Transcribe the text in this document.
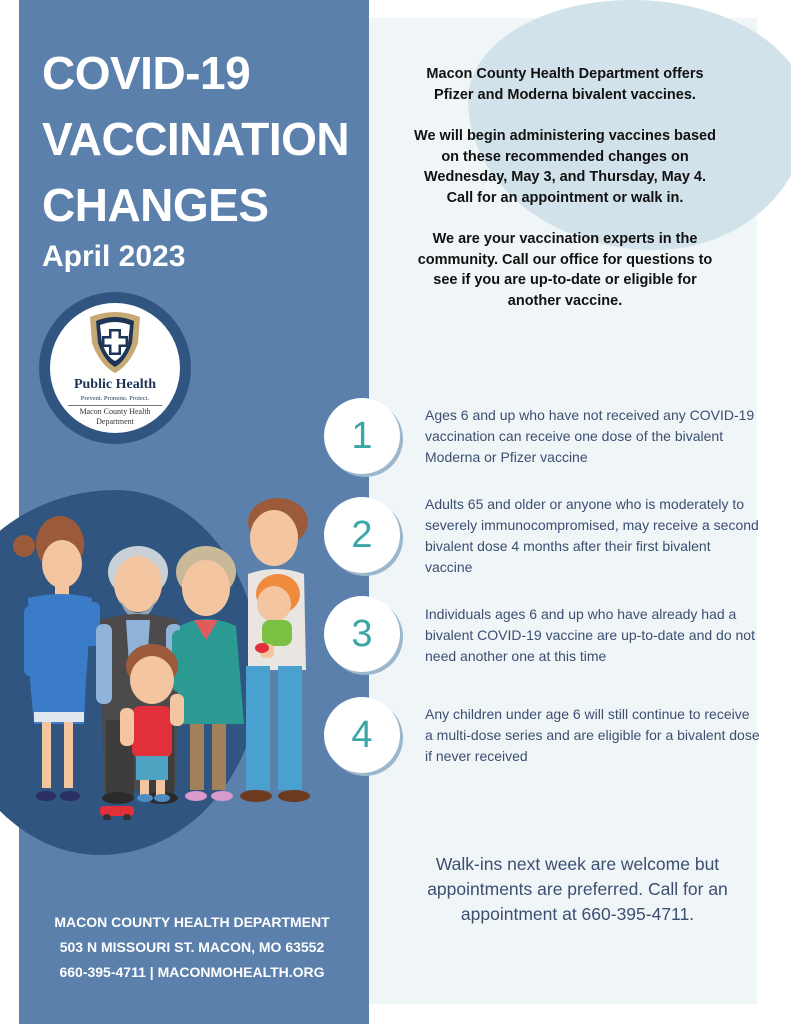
COVID-19
VACCINATION
CHANGES
April 2023
Public Health
Prevent. Promote. Protect.
Macon County Health Department

Macon County Health Department offers Pfizer and Moderna bivalent vaccines.

We will begin administering vaccines based on these recommended changes on Wednesday, May 3, and Thursday, May 4. Call for an appointment or walk in.

We are your vaccination experts in the community. Call our office for questions to see if you are up-to-date or eligible for another vaccine.

1	Ages 6 and up who have not received any COVID-19 vaccination can receive one dose of the bivalent Moderna or Pfizer vaccine
2
Adults 65 and older or anyone who is moderately to severely immunocompromised, may receive a second bivalent dose 4 months after their first bivalent vaccine
3	Individuals ages 6 and up who have already had a bivalent COVID-19 vaccine are up-to-date and do not need another one at this time
4	Any children under age 6 will still continue to receive a multi-dose series and are eligible for a bivalent dose if never received
Walk-ins next week are welcome but appointments are preferred. Call for an appointment at 660-395-4711.
MACON COUNTY HEALTH DEPARTMENT
503 N MISSOURI ST. MACON, MO 63552
660-395-4711 | MACONMOHEALTH.ORG
